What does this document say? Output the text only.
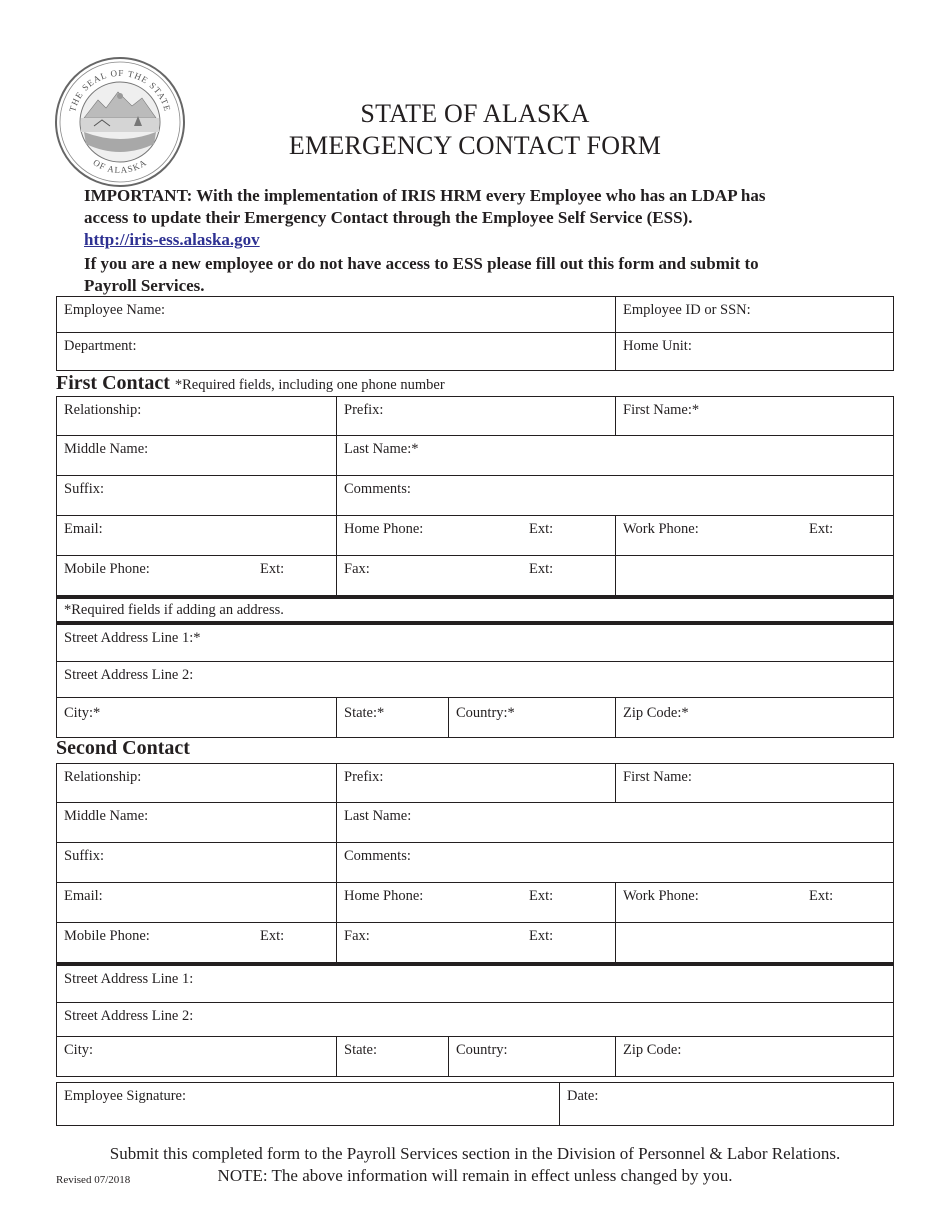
THE SEAL OF THE STATE
OF ALASKA
STATE OF ALASKA
EMERGENCY CONTACT FORM
IMPORTANT: With the implementation of IRIS HRM every Employee who has an LDAP has
access to update their Emergency Contact through the Employee Self Service (ESS).
http://iris-ess.alaska.gov
If you are a new employee or do not have access to ESS please fill out this form and submit to
Payroll Services.
Employee Name:	Employee ID or SSN:
Department:	Home Unit:
First Contact *Required fields, including one phone number
Relationship:	Prefix:	First Name:*
Middle Name:	Last Name:*
Suffix:	Comments:
Email:	Home Phone:	Ext:	Work Phone:	Ext:
Mobile Phone:	Ext:	Fax:	Ext:
*Required fields if adding an address.
Street Address Line 1:*
Street Address Line 2:
City:*	State:*	Country:*	Zip Code:*
Second Contact
Relationship:	Prefix:	First Name:
Middle Name:	Last Name:
Suffix:	Comments:
Email:	Home Phone:	Ext:	Work Phone:	Ext:
Mobile Phone:	Ext:	Fax:	Ext:
Street Address Line 1:
Street Address Line 2:
City:	State:	Country:	Zip Code:
Employee Signature:	Date:
Submit this completed form to the Payroll Services section in the Division of Personnel & Labor Relations.
NOTE: The above information will remain in effect unless changed by you.
Revised 07/2018
